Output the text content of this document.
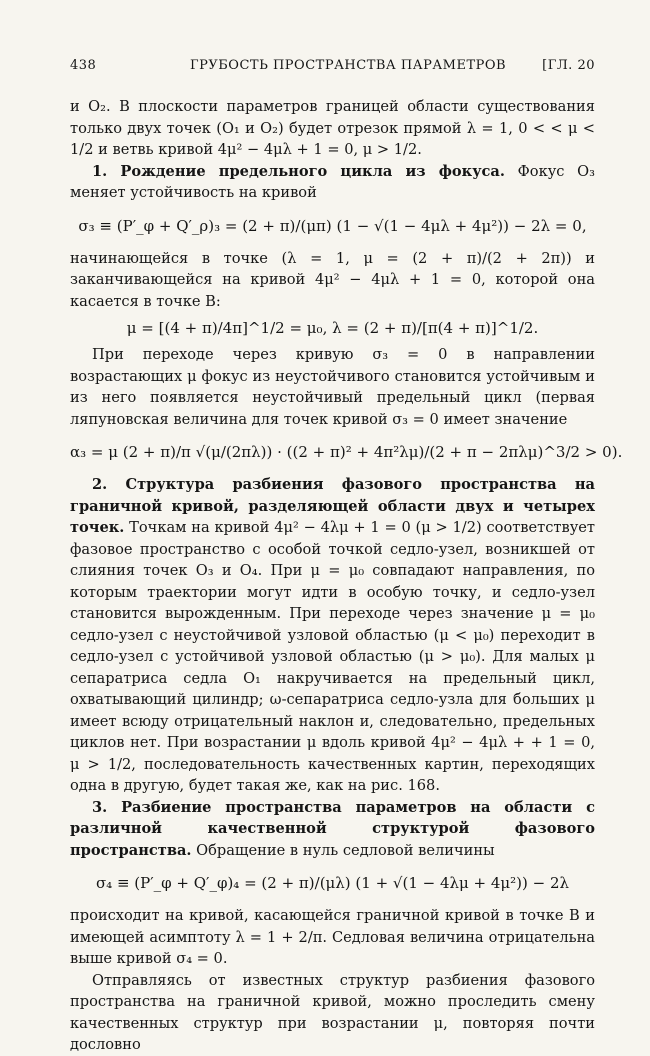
438	ГРУБОСТЬ ПРОСТРАНСТВА ПАРАМЕТРОВ	[ГЛ. 20

и O₂. В плоскости параметров границей области существования только двух точек (O₁ и O₂) будет отрезок прямой λ = 1, 0 < < μ < 1/2 и ветвь кривой 4μ² − 4μλ + 1 = 0, μ > 1/2.

1. Рождение предельного цикла из фокуса. Фокус O₃ меняет устойчивость на кривой

σ₃ ≡ (P′_φ + Q′_ρ)₃ = (2 + π)/(μπ) (1 − √(1 − 4μλ + 4μ²)) − 2λ = 0,

начинающейся в точке (λ = 1, μ = (2 + π)/(2 + 2π)) и заканчивающейся на кривой 4μ² − 4μλ + 1 = 0, которой она касается в точке B:

μ = [(4 + π)/4π]^1/2 = μ₀, λ = (2 + π)/[π(4 + π)]^1/2.

При переходе через кривую σ₃ = 0 в направлении возрастающих μ фокус из неустойчивого становится устойчивым и из него появляется неустойчивый предельный цикл (первая ляпуновская величина для точек кривой σ₃ = 0 имеет значение

α₃ = μ (2 + π)/π √(μ/(2πλ)) · ((2 + π)² + 4π²λμ)/(2 + π − 2πλμ)^3/2 > 0).

2. Структура разбиения фазового пространства на граничной кривой, разделяющей области двух и четырех точек. Точкам на кривой 4μ² − 4λμ + 1 = 0 (μ > 1/2) соответствует фазовое пространство с особой точкой седло-узел, возникшей от слияния точек O₃ и O₄. При μ = μ₀ совпадают направления, по которым траектории могут идти в особую точку, и седло-узел становится вырожденным. При переходе через значение μ = μ₀ седло-узел с неустойчивой узловой областью (μ < μ₀) переходит в седло-узел с устойчивой узловой областью (μ > μ₀). Для малых μ сепаратриса седла O₁ накручивается на предельный цикл, охватывающий цилиндр; ω-сепаратриса седло-узла для больших μ имеет всюду отрицательный наклон и, следовательно, предельных циклов нет. При возрастании μ вдоль кривой 4μ² − 4μλ + + 1 = 0, μ > 1/2, последовательность качественных картин, переходящих одна в другую, будет такая же, как на рис. 168.

3. Разбиение пространства параметров на области с различной качественной структурой фазового пространства. Обращение в нуль седловой величины

σ₄ ≡ (P′_φ + Q′_φ)₄ = (2 + π)/(μλ) (1 + √(1 − 4λμ + 4μ²)) − 2λ

происходит на кривой, касающейся граничной кривой в точке B и имеющей асимптоту λ = 1 + 2/π. Седловая величина отрицательна выше кривой σ₄ = 0.

Отправляясь от известных структур разбиения фазового пространства на граничной кривой, можно проследить смену качественных структур при возрастании μ, повторяя почти дословно
